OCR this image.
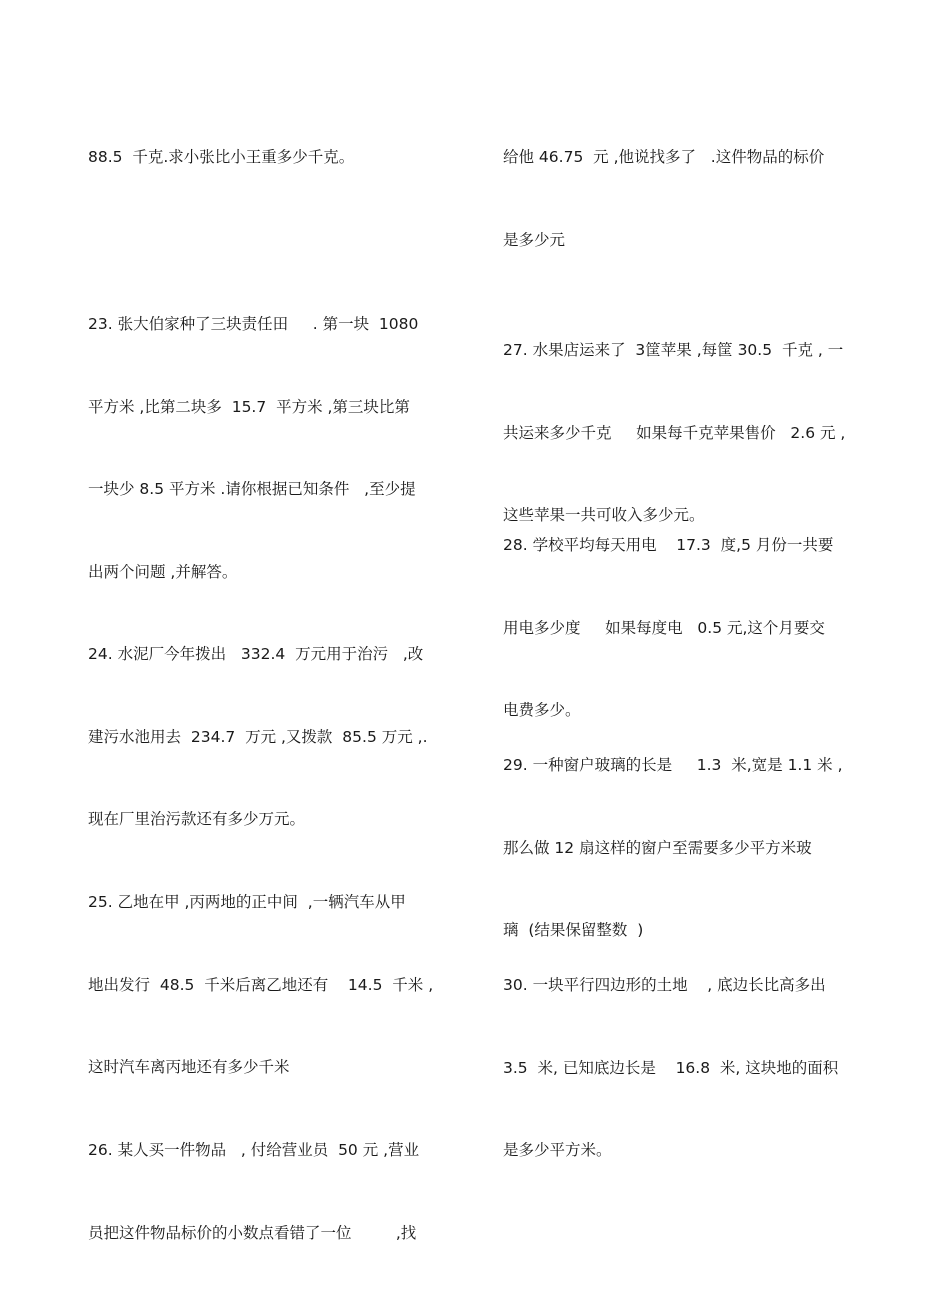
88.5  千克.求小张比小王重多少千克。

23. 张大伯家种了三块责任田     . 第一块  1080

平方米 ,比第二块多  15.7  平方米 ,第三块比第

一块少 8.5 平方米 .请你根据已知条件   ,至少提

出两个问题 ,并解答。

24. 水泥厂今年拨出   332.4  万元用于治污   ,改

建污水池用去  234.7  万元 ,又拨款  85.5 万元 ,.

现在厂里治污款还有多少万元。

25. 乙地在甲 ,丙两地的正中间  ,一辆汽车从甲

地出发行  48.5  千米后离乙地还有    14.5  千米 ,

这时汽车离丙地还有多少千米

26. 某人买一件物品   , 付给营业员  50 元 ,营业

员把这件物品标价的小数点看错了一位         ,找

给他 46.75  元 ,他说找多了   .这件物品的标价

是多少元

27. 水果店运来了  3筐苹果 ,每筐 30.5  千克 , 一

共运来多少千克     如果每千克苹果售价   2.6 元 ,

这些苹果一共可收入多少元。

28. 学校平均每天用电    17.3  度,5 月份一共要

用电多少度     如果每度电   0.5 元,这个月要交

电费多少。

29. 一种窗户玻璃的长是     1.3  米,宽是 1.1 米 ,

那么做 12 扇这样的窗户至需要多少平方米玻

璃  (结果保留整数  )

30. 一块平行四边形的土地    , 底边长比高多出

3.5  米, 已知底边长是    16.8  米, 这块地的面积

是多少平方米。
